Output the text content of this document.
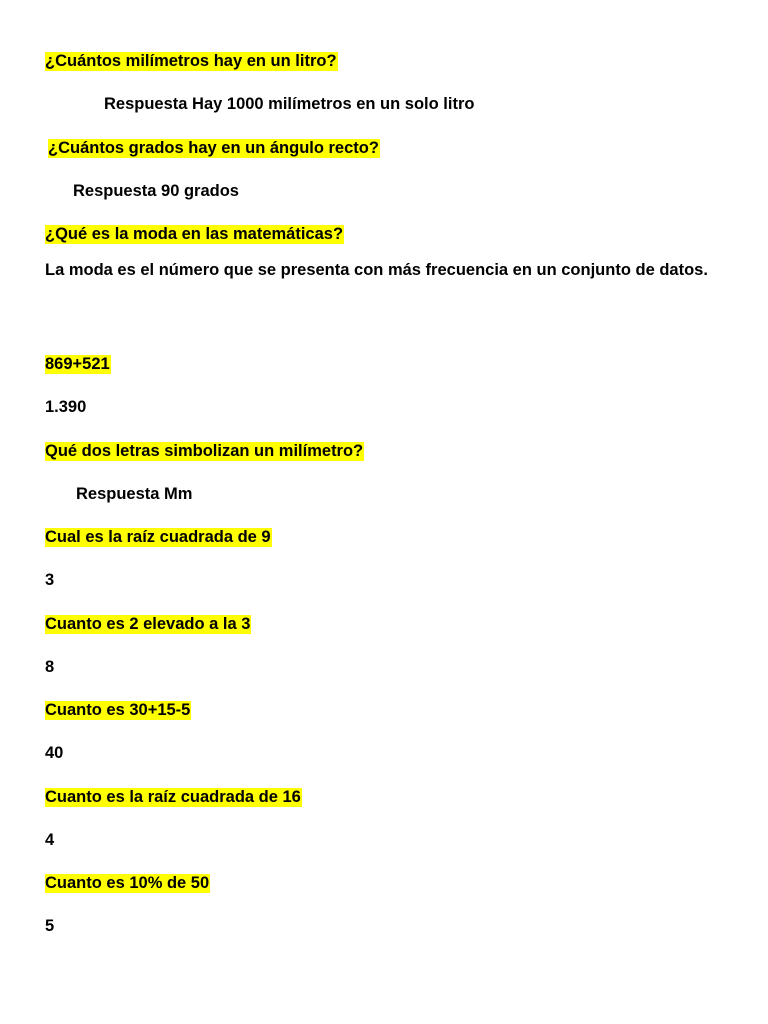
¿Cuántos milímetros hay en un litro?
Respuesta Hay 1000 milímetros en un solo litro
¿Cuántos grados hay en un ángulo recto?
Respuesta 90 grados
¿Qué es la moda en las matemáticas?
La moda es el número que se presenta con más frecuencia en un conjunto de datos.
869+521
1.390
Qué dos letras simbolizan un milímetro?
Respuesta Mm
Cual es la raíz cuadrada de 9
3
Cuanto es 2 elevado a la 3
8
Cuanto es 30+15-5
40
Cuanto es la raíz cuadrada de 16
4
Cuanto es 10% de 50
5
